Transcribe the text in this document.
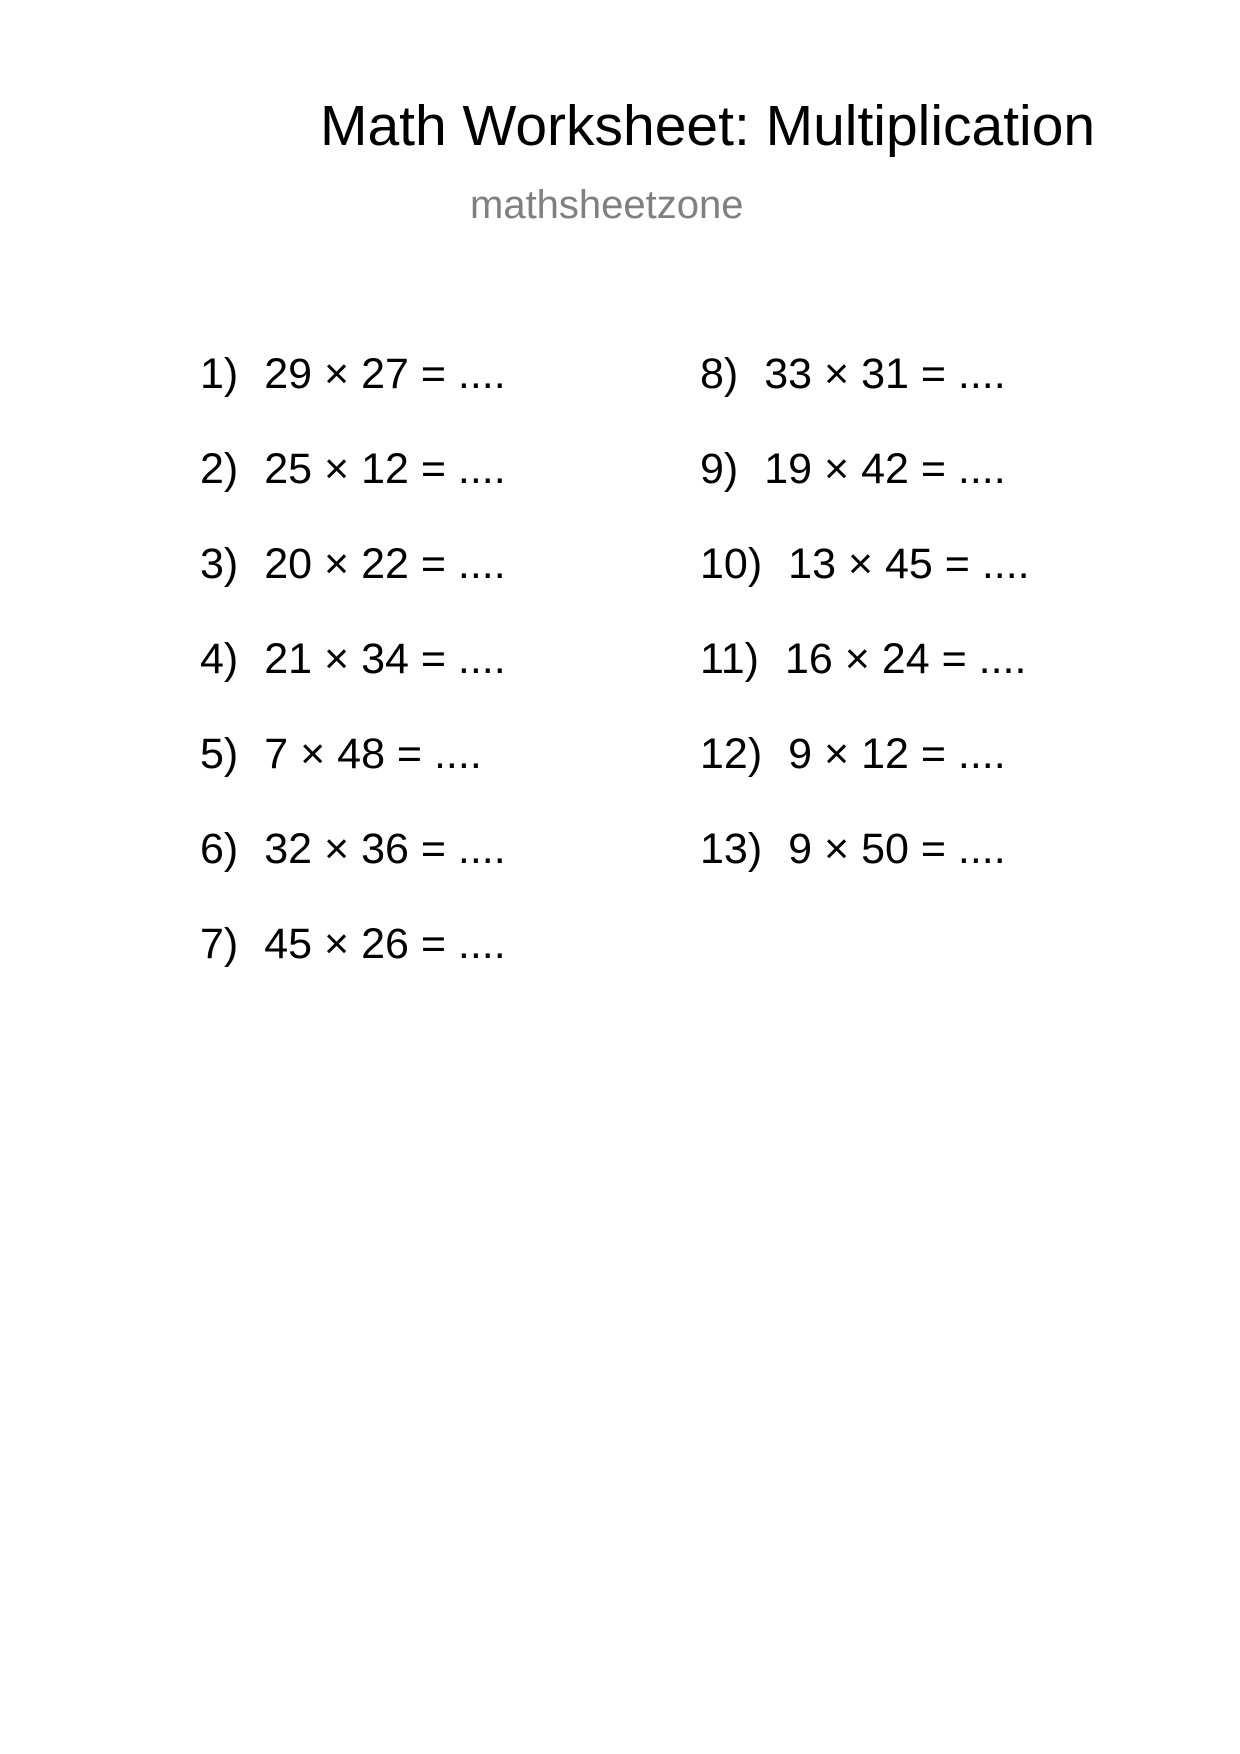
Math Worksheet: Multiplication
mathsheetzone
1) 29 × 27 = ....
2) 25 × 12 = ....
3) 20 × 22 = ....
4) 21 × 34 = ....
5) 7 × 48 = ....
6) 32 × 36 = ....
7) 45 × 26 = ....
8) 33 × 31 = ....
9) 19 × 42 = ....
10) 13 × 45 = ....
11) 16 × 24 = ....
12) 9 × 12 = ....
13) 9 × 50 = ....
